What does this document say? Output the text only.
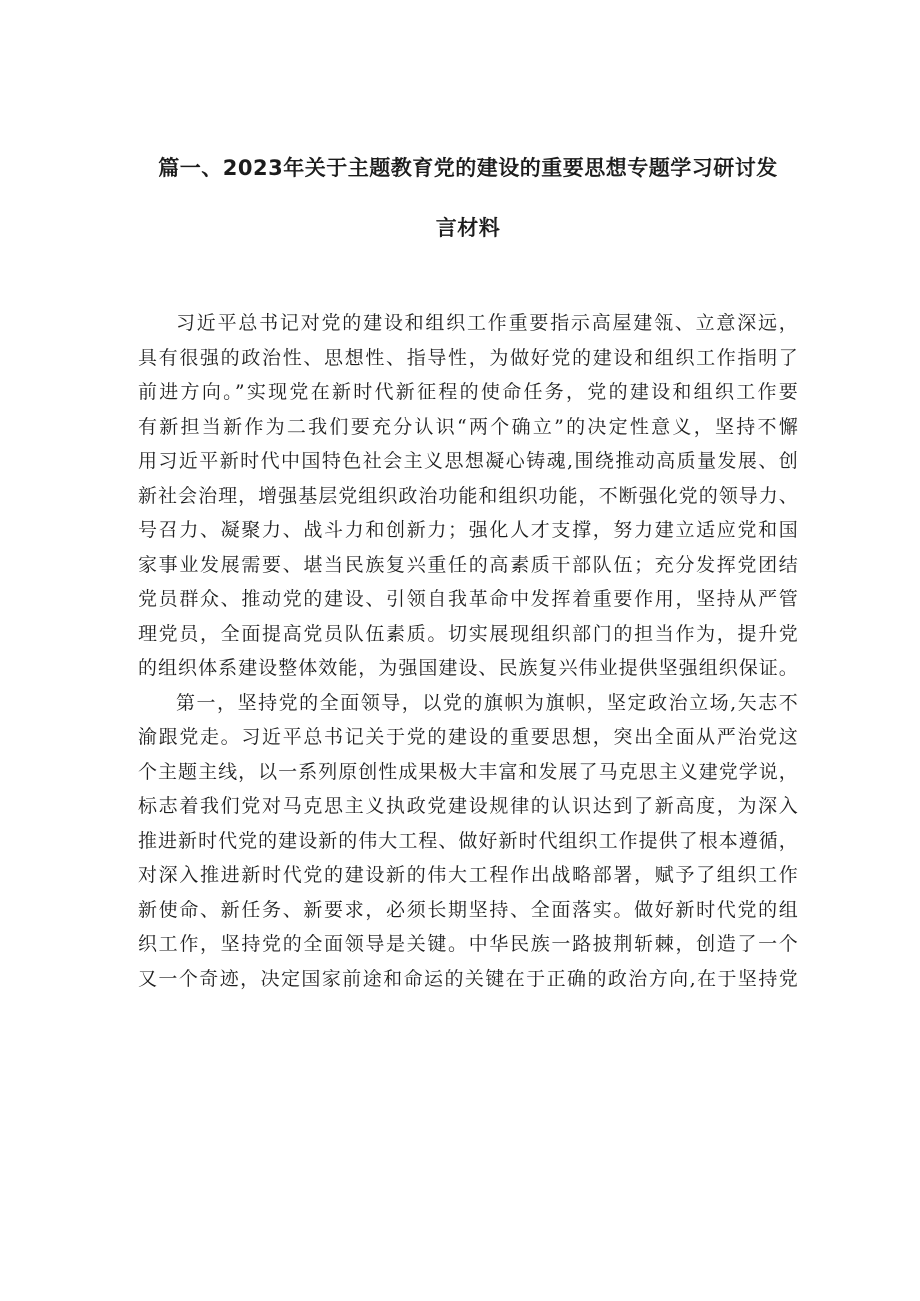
篇一、2023年关于主题教育党的建设的重要思想专题学习研讨发
言材料
习近平总书记对党的建设和组织工作重要指示高屋建瓴、立意深远，
具有很强的政治性、思想性、指导性，为做好党的建设和组织工作指明了
前进方向。”实现党在新时代新征程的使命任务，党的建设和组织工作要
有新担当新作为二我们要充分认识“两个确立”的决定性意义，坚持不懈
用习近平新时代中国特色社会主义思想凝心铸魂,围绕推动高质量发展、创
新社会治理，增强基层党组织政治功能和组织功能，不断强化党的领导力、
号召力、凝聚力、战斗力和创新力；强化人才支撑，努力建立适应党和国
家事业发展需要、堪当民族复兴重任的高素质干部队伍；充分发挥党团结
党员群众、推动党的建设、引领自我革命中发挥着重要作用，坚持从严管
理党员，全面提高党员队伍素质。切实展现组织部门的担当作为，提升党
的组织体系建设整体效能，为强国建设、民族复兴伟业提供坚强组织保证。
第一，坚持党的全面领导，以党的旗帜为旗帜，坚定政治立场,矢志不
渝跟党走。习近平总书记关于党的建设的重要思想，突出全面从严治党这
个主题主线，以一系列原创性成果极大丰富和发展了马克思主义建党学说，
标志着我们党对马克思主义执政党建设规律的认识达到了新高度，为深入
推进新时代党的建设新的伟大工程、做好新时代组织工作提供了根本遵循，
对深入推进新时代党的建设新的伟大工程作出战略部署，赋予了组织工作
新使命、新任务、新要求，必须长期坚持、全面落实。做好新时代党的组
织工作，坚持党的全面领导是关键。中华民族一路披荆斩棘，创造了一个
又一个奇迹，决定国家前途和命运的关键在于正确的政治方向,在于坚持党
